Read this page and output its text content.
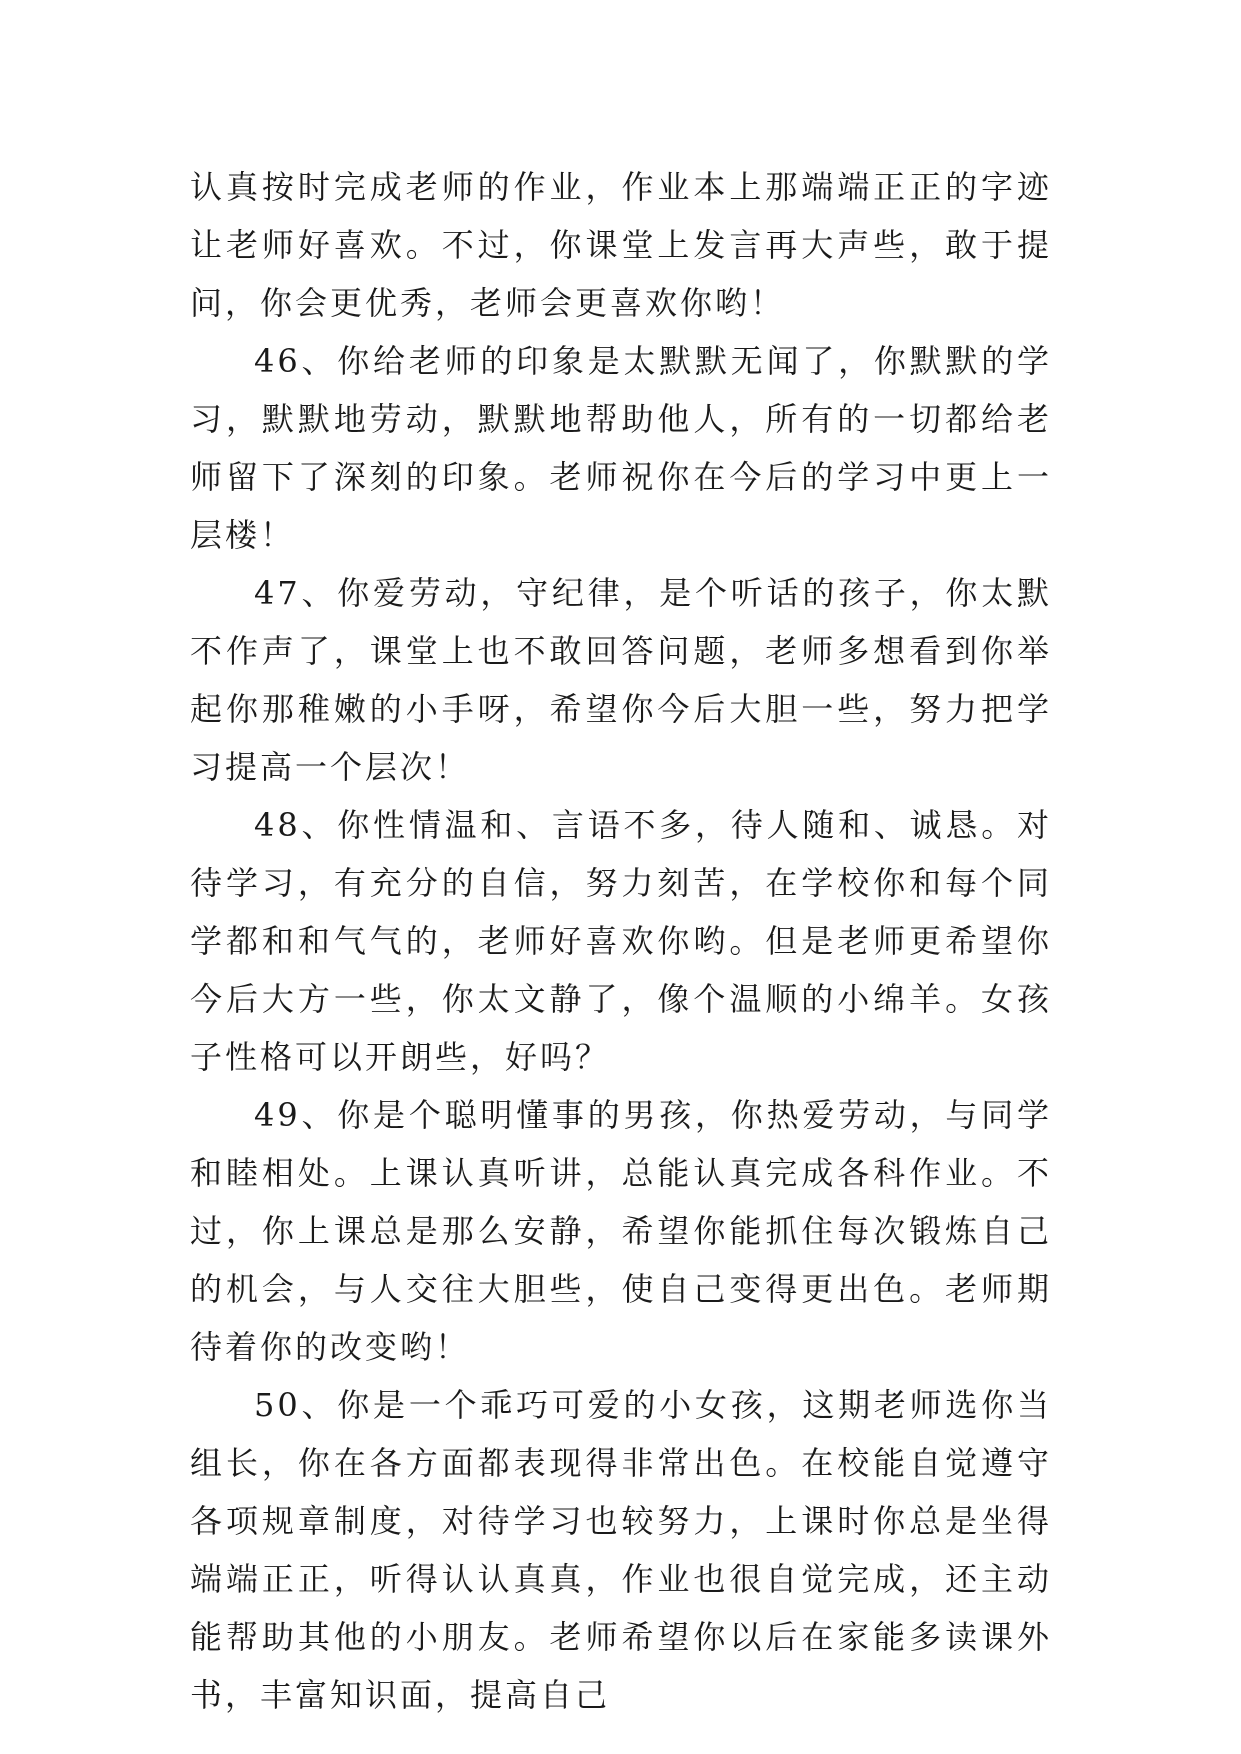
认真按时完成老师的作业，作业本上那端端正正的字迹让老师好喜欢。不过，你课堂上发言再大声些，敢于提问，你会更优秀，老师会更喜欢你哟！

46、你给老师的印象是太默默无闻了，你默默的学习，默默地劳动，默默地帮助他人，所有的一切都给老师留下了深刻的印象。老师祝你在今后的学习中更上一层楼！

47、你爱劳动，守纪律，是个听话的孩子，你太默不作声了，课堂上也不敢回答问题，老师多想看到你举起你那稚嫩的小手呀，希望你今后大胆一些，努力把学习提高一个层次！

48、你性情温和、言语不多，待人随和、诚恳。对待学习，有充分的自信，努力刻苦，在学校你和每个同学都和和气气的，老师好喜欢你哟。但是老师更希望你今后大方一些，你太文静了，像个温顺的小绵羊。女孩子性格可以开朗些，好吗？

49、你是个聪明懂事的男孩，你热爱劳动，与同学和睦相处。上课认真听讲，总能认真完成各科作业。不过，你上课总是那么安静，希望你能抓住每次锻炼自己的机会，与人交往大胆些，使自己变得更出色。老师期待着你的改变哟！

50、你是一个乖巧可爱的小女孩，这期老师选你当组长，你在各方面都表现得非常出色。在校能自觉遵守各项规章制度，对待学习也较努力，上课时你总是坐得端端正正，听得认认真真，作业也很自觉完成，还主动能帮助其他的小朋友。老师希望你以后在家能多读课外书，丰富知识面，提高自己
